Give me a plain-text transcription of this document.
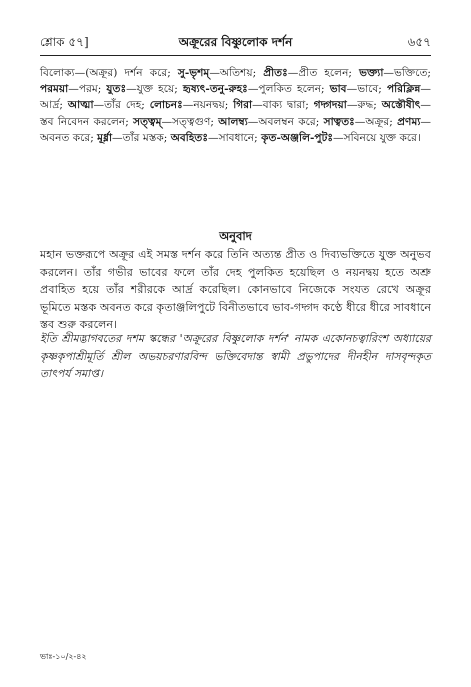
শ্লোক ৫৭]	অক্রূরের বিষ্ণুলোক দর্শন	৬৫৭
বিলোক্য—(অক্রূর) দর্শন করে; সু-ভৃশম্—অতিশয়; প্রীতঃ—প্রীত হলেন; ভক্ত্যা—ভক্তিতে; পরময়া—পরম; যুতঃ—যুক্ত হয়ে; হৃষ্যৎ-তনু-রুহঃ—পুলকিত হলেন; ভাব—ভাবে; পরিক্লিন্ন—আর্দ্র; আত্মা—তাঁর দেহ; লোচনঃ—নয়নদ্বয়; গিরা—বাক্য দ্বারা; গদ্গদয়া—রুদ্ধ; অস্তৌষীৎ—স্তব নিবেদন করলেন; সত্ত্বম্—সত্ত্বগুণ; আলম্ব্য—অবলম্বন করে; সাত্বতঃ—অক্রূর; প্রণম্য—অবনত করে; মূর্ধ্না—তাঁর মস্তক; অবহিতঃ—সাবধানে; কৃত-অঞ্জলি-পুটঃ—সবিনয়ে যুক্ত করে।
অনুবাদ
মহান ভক্তরূপে অক্রূর এই সমস্ত দর্শন করে তিনি অত্যন্ত প্রীত ও দিব্যভক্তিতে যুক্ত অনুভব করলেন। তাঁর গভীর ভাবের ফলে তাঁর দেহ পুলকিত হয়েছিল ও নয়নদ্বয় হতে অশ্রু প্রবাহিত হয়ে তাঁর শরীরকে আর্দ্র করেছিল। কোনভাবে নিজেকে সংযত রেখে অক্রূর ভূমিতে মস্তক অবনত করে কৃতাঞ্জলিপুটে বিনীতভাবে ভাব-গদ্গদ কণ্ঠে ধীরে ধীরে সাবধানে স্তব শুরু করলেন।
ইতি শ্রীমদ্ভাগবতের দশম স্কন্ধের 'অক্রূরের বিষ্ণুলোক দর্শন' নামক একোনচত্বারিংশ অধ্যায়ের কৃষ্ণকৃপাশ্রীমূর্তি শ্রীল অভয়চরণারবিন্দ ভক্তিবেদান্ত স্বামী প্রভুপাদের দীনহীন দাসবৃন্দকৃত তাৎপর্য সমাপ্ত।
ভাঃ-১০/২-৪২
